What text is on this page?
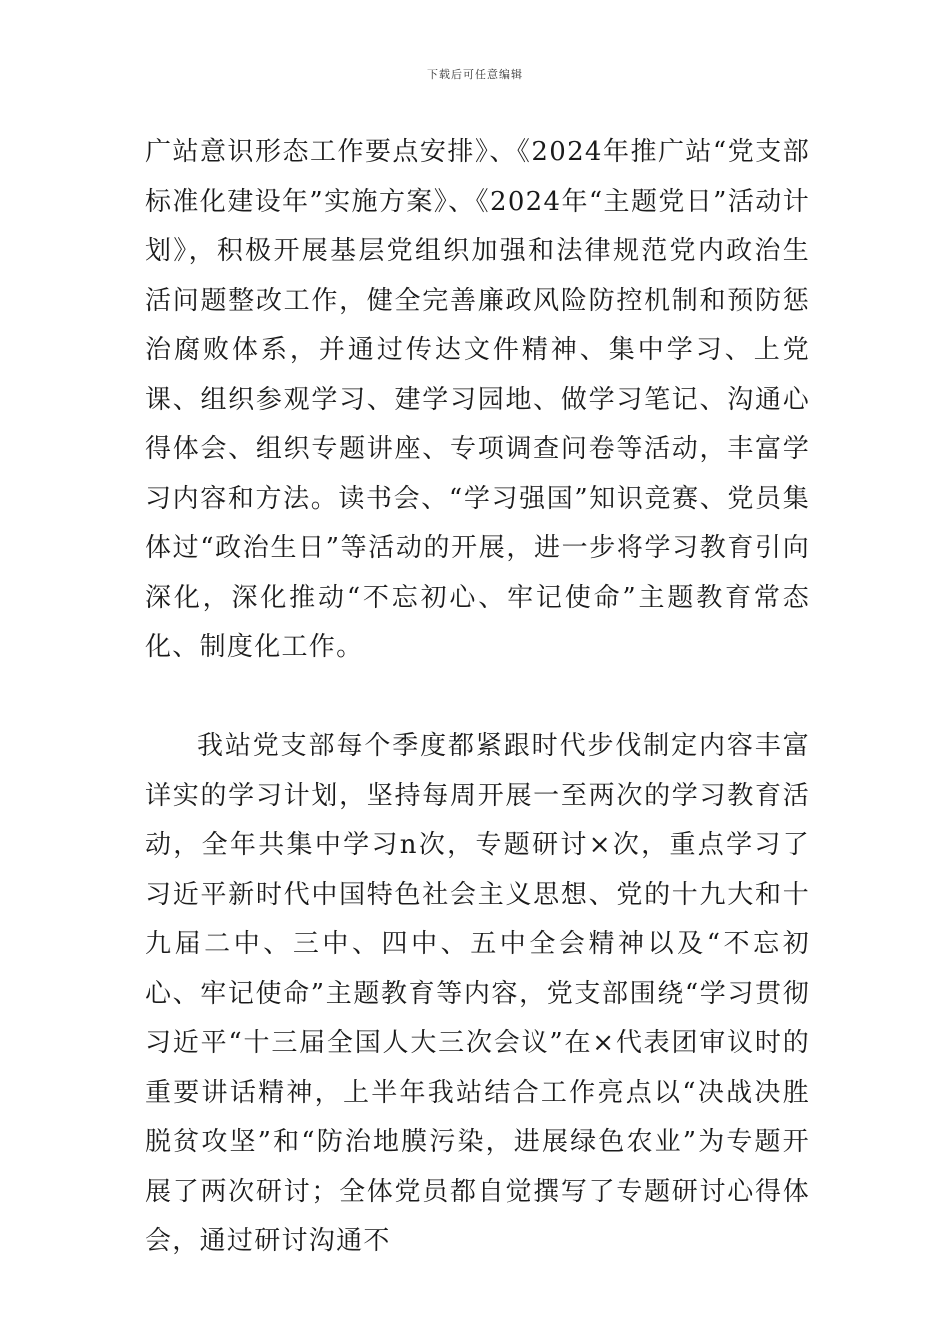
下载后可任意编辑

广站意识形态工作要点安排》、《2024年推广站“党支部标准化建设年”实施方案》、《2024年“主题党日”活动计划》，积极开展基层党组织加强和法律规范党内政治生活问题整改工作，健全完善廉政风险防控机制和预防惩治腐败体系，并通过传达文件精神、集中学习、上党课、组织参观学习、建学习园地、做学习笔记、沟通心得体会、组织专题讲座、专项调查问卷等活动，丰富学习内容和方法。读书会、“学习强国”知识竞赛、党员集体过“政治生日”等活动的开展，进一步将学习教育引向深化，深化推动“不忘初心、牢记使命”主题教育常态化、制度化工作。

我站党支部每个季度都紧跟时代步伐制定内容丰富详实的学习计划，坚持每周开展一至两次的学习教育活动，全年共集中学习n次，专题研讨×次，重点学习了习近平新时代中国特色社会主义思想、党的十九大和十九届二中、三中、四中、五中全会精神以及“不忘初心、牢记使命”主题教育等内容，党支部围绕“学习贯彻习近平“十三届全国人大三次会议”在×代表团审议时的重要讲话精神，上半年我站结合工作亮点以“决战决胜脱贫攻坚”和“防治地膜污染，进展绿色农业”为专题开展了两次研讨；全体党员都自觉撰写了专题研讨心得体会，通过研讨沟通不
